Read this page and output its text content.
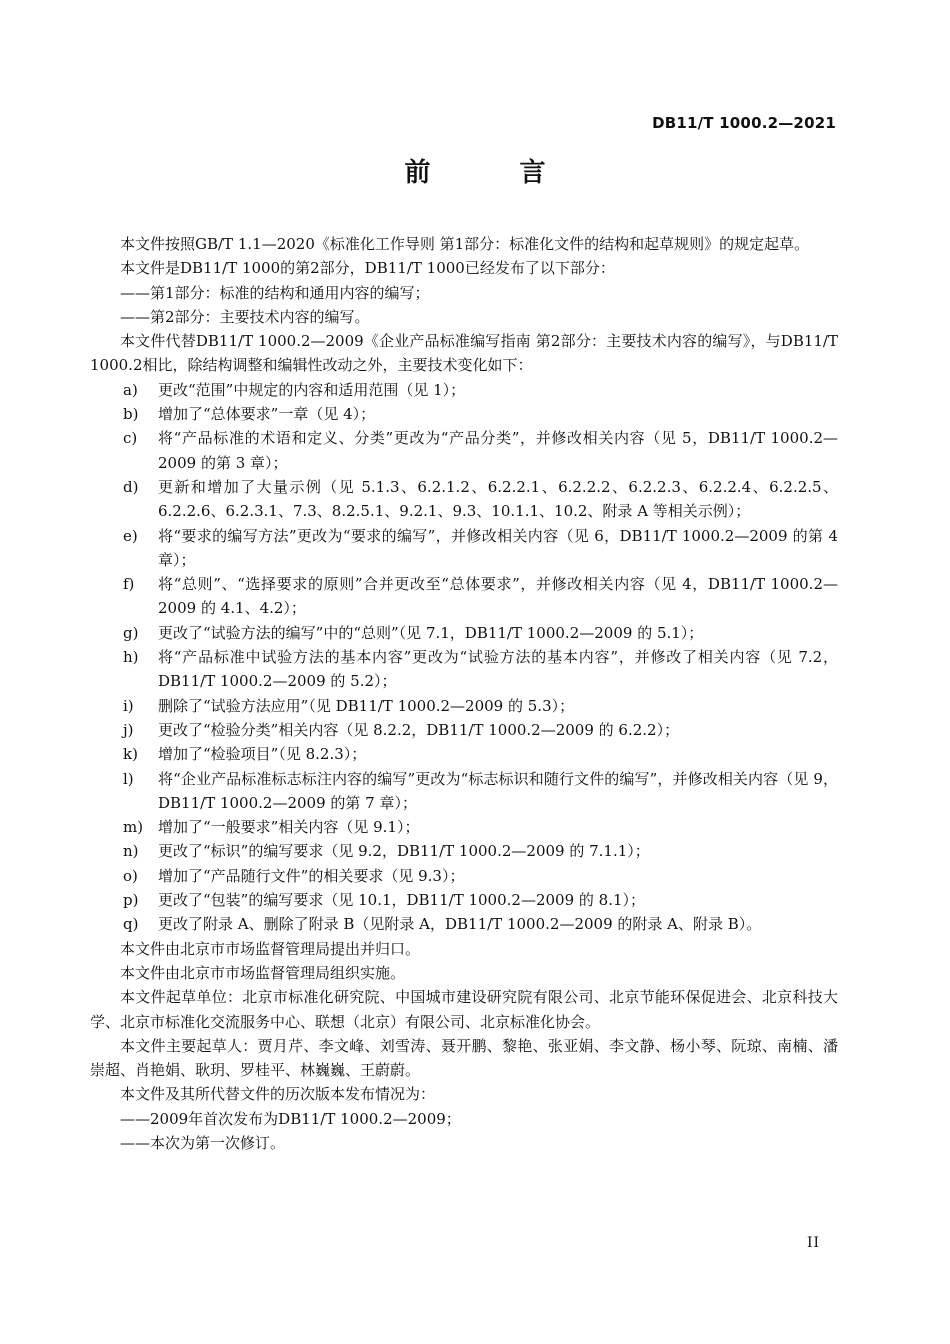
DB11/T 1000.2—2021
前 言

本文件按照GB/T 1.1—2020《标准化工作导则 第1部分：标准化文件的结构和起草规则》的规定起草。

本文件是DB11/T 1000的第2部分，DB11/T 1000已经发布了以下部分：

——第1部分：标准的结构和通用内容的编写；

——第2部分：主要技术内容的编写。

本文件代替DB11/T 1000.2—2009《企业产品标准编写指南 第2部分：主要技术内容的编写》，与DB11/T 1000.2相比，除结构调整和编辑性改动之外，主要技术变化如下：

a) 更改“范围”中规定的内容和适用范围（见 1）；
b) 增加了“总体要求”一章（见 4）；
c) 将“产品标准的术语和定义、分类”更改为“产品分类”，并修改相关内容（见 5，DB11/T 1000.2—2009 的第 3 章）；
d) 更新和增加了大量示例（见 5.1.3、6.2.1.2、6.2.2.1、6.2.2.2、6.2.2.3、6.2.2.4、6.2.2.5、6.2.2.6、6.2.3.1、7.3、8.2.5.1、9.2.1、9.3、10.1.1、10.2、附录 A 等相关示例）；
e) 将“要求的编写方法”更改为“要求的编写”，并修改相关内容（见 6，DB11/T 1000.2—2009 的第 4 章）；
f) 将“总则”、“选择要求的原则”合并更改至“总体要求”，并修改相关内容（见 4，DB11/T 1000.2—2009 的 4.1、4.2）；
g) 更改了“试验方法的编写”中的“总则”（见 7.1，DB11/T 1000.2—2009 的 5.1）；
h) 将“产品标准中试验方法的基本内容”更改为“试验方法的基本内容”，并修改了相关内容（见 7.2，DB11/T 1000.2—2009 的 5.2）；
i) 删除了“试验方法应用”（见 DB11/T 1000.2—2009 的 5.3）；
j) 更改了“检验分类”相关内容（见 8.2.2，DB11/T 1000.2—2009 的 6.2.2）；
k) 增加了“检验项目”（见 8.2.3）；
l) 将“企业产品标准标志标注内容的编写”更改为“标志标识和随行文件的编写”，并修改相关内容（见 9，DB11/T 1000.2—2009 的第 7 章）；
m) 增加了“一般要求”相关内容（见 9.1）；
n) 更改了“标识”的编写要求（见 9.2，DB11/T 1000.2—2009 的 7.1.1）；
o) 增加了“产品随行文件”的相关要求（见 9.3）；
p) 更改了“包装”的编写要求（见 10.1，DB11/T 1000.2—2009 的 8.1）；
q) 更改了附录 A、删除了附录 B（见附录 A，DB11/T 1000.2—2009 的附录 A、附录 B）。

本文件由北京市市场监督管理局提出并归口。

本文件由北京市市场监督管理局组织实施。

本文件起草单位：北京市标准化研究院、中国城市建设研究院有限公司、北京节能环保促进会、北京科技大学、北京市标准化交流服务中心、联想（北京）有限公司、北京标准化协会。

本文件主要起草人：贾月芹、李文峰、刘雪涛、聂开鹏、黎艳、张亚娟、李文静、杨小琴、阮琼、南楠、潘崇超、肖艳娟、耿玥、罗桂平、林巍巍、王蔚蔚。

本文件及其所代替文件的历次版本发布情况为：

——2009年首次发布为DB11/T 1000.2—2009；

——本次为第一次修订。

II
